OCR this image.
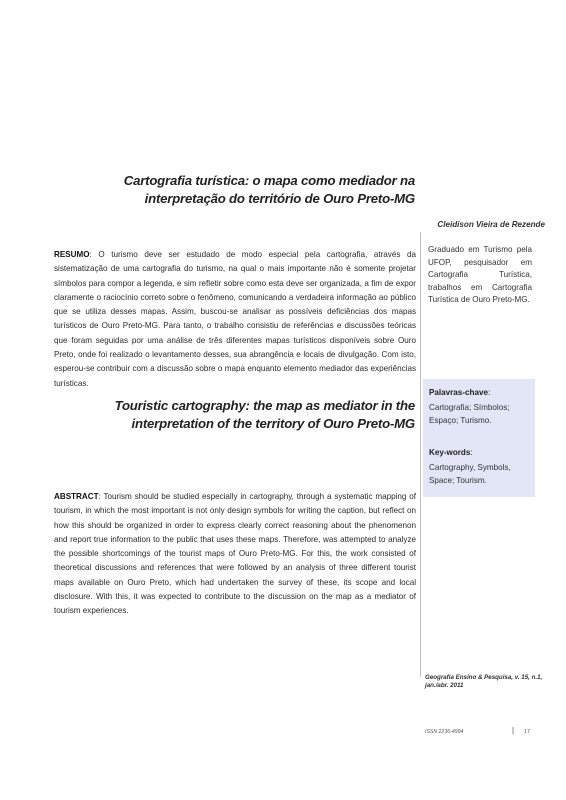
Cartografia turística: o mapa como mediador na interpretação do território de Ouro Preto-MG
Cleidison Vieira de Rezende
RESUMO: O turismo deve ser estudado de modo especial pela cartografia, através da sistematização de uma cartografia do turismo, na qual o mais importante não é somente projetar símbolos para compor a legenda, e sim refletir sobre como esta deve ser organizada, a fim de expor claramente o raciocínio correto sobre o fenômeno, comunicando a verdadeira informação ao público que se utiliza desses mapas. Assim, buscou-se analisar as possíveis deficiências dos mapas turísticos de Ouro Preto-MG. Para tanto, o trabalho consistiu de referências e discussões teóricas que foram seguidas por uma análise de três diferentes mapas turísticos disponíveis sobre Ouro Preto, onde foi realizado o levantamento desses, sua abrangência e locais de divulgação. Com isto, esperou-se contribuir com a discussão sobre o mapa enquanto elemento mediador das experiências turísticas.
Graduado em Turismo pela UFOP, pesquisador em Cartografia Turística, trabalhos em Cartografia Turística de Ouro Preto-MG.
Palavras-chave:
Cartografia; Símbolos; Espaço; Turismo.
Key-words:
Cartography, Symbols, Space; Tourism.
Touristic cartography: the map as mediator in the interpretation of the territory of Ouro Preto-MG
ABSTRACT: Tourism should be studied especially in cartography, through a systematic mapping of tourism, in which the most important is not only design symbols for writing the caption, but reflect on how this should be organized in order to express clearly correct reasoning about the phenomenon and report true information to the public that uses these maps. Therefore, was attempted to analyze the possible shortcomings of the tourist maps of Ouro Preto-MG. For this, the work consisted of theoretical discussions and references that were followed by an analysis of three different tourist maps available on Ouro Preto, which had undertaken the survey of these, its scope and local disclosure. With this, it was expected to contribute to the discussion on the map as a mediator of tourism experiences.
Geografia Ensino & Pesquisa, v. 15, n.1, jan./abr. 2011
ISSN 2236-4994	| 17
